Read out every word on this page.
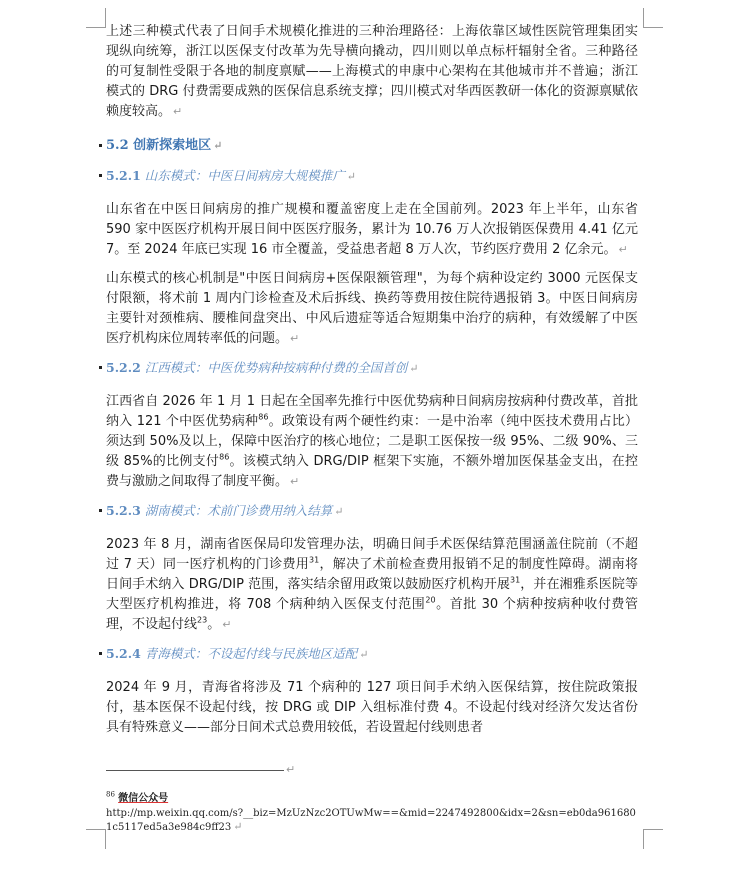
上述三种模式代表了日间手术规模化推进的三种治理路径：上海依靠区域性医院管理集团实现纵向统筹，浙江以医保支付改革为先导横向撬动，四川则以单点标杆辐射全省。三种路径的可复制性受限于各地的制度禀赋——上海模式的申康中心架构在其他城市并不普遍；浙江模式的 DRG 付费需要成熟的医保信息系统支撑；四川模式对华西医教研一体化的资源禀赋依赖度较高。 ↵

5.2 创新探索地区 ↵
5.2.1 山东模式：中医日间病房大规模推广 ↵

山东省在中医日间病房的推广规模和覆盖密度上走在全国前列。2023 年上半年，山东省 590 家中医医疗机构开展日间中医医疗服务，累计为 10.76 万人次报销医保费用 4.41 亿元 7。至 2024 年底已实现 16 市全覆盖，受益患者超 8 万人次，节约医疗费用 2 亿余元。 ↵

山东模式的核心机制是"中医日间病房+医保限额管理"，为每个病种设定约 3000 元医保支付限额，将术前 1 周内门诊检查及术后拆线、换药等费用按住院待遇报销 3。中医日间病房主要针对颈椎病、腰椎间盘突出、中风后遗症等适合短期集中治疗的病种，有效缓解了中医医疗机构床位周转率低的问题。 ↵

5.2.2 江西模式：中医优势病种按病种付费的全国首创 ↵

江西省自 2026 年 1 月 1 日起在全国率先推行中医优势病种日间病房按病种付费改革，首批纳入 121 个中医优势病种$^{86}$。政策设有两个硬性约束：一是中治率（纯中医技术费用占比）须达到 50%及以上，保障中医治疗的核心地位；二是职工医保按一级 95%、二级 90%、三级 85%的比例支付$^{86}$。该模式纳入 DRG/DIP 框架下实施，不额外增加医保基金支出，在控费与激励之间取得了制度平衡。 ↵

5.2.3 湖南模式：术前门诊费用纳入结算 ↵

2023 年 8 月，湖南省医保局印发管理办法，明确日间手术医保结算范围涵盖住院前（不超过 7 天）同一医疗机构的门诊费用$^{31}$，解决了术前检查费用报销不足的制度性障碍。湖南将日间手术纳入 DRG/DIP 范围，落实结余留用政策以鼓励医疗机构开展$^{31}$，并在湘雅系医院等大型医疗机构推进，将 708 个病种纳入医保支付范围$^{20}$。首批 30 个病种按病种收付费管理，不设起付线$^{23}$。 ↵

5.2.4 青海模式：不设起付线与民族地区适配 ↵

2024 年 9 月，青海省将涉及 71 个病种的 127 项日间手术纳入医保结算，按住院政策报付，基本医保不设起付线，按 DRG 或 DIP 入组标准付费 4。不设起付线对经济欠发达省份具有特殊意义——部分日间术式总费用较低，若设置起付线则患者

↵
$^{86}$ 微信公众号
http://mp.weixin.qq.com/s?__biz=MzUzNzc2OTUwMw==&mid=2247492800&idx=2&sn=eb0da9616801c5117ed5a3e984c9ff23 ↵
